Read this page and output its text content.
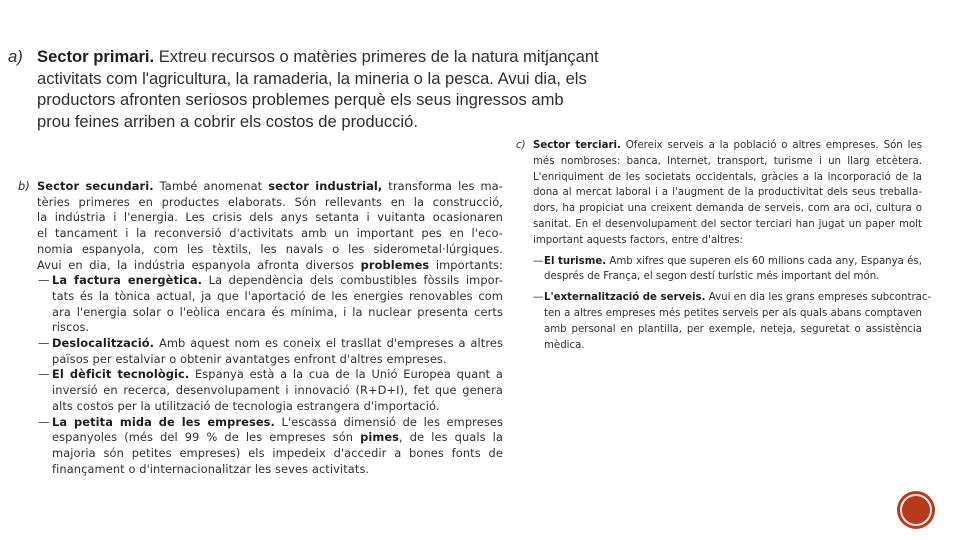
a) Sector primari. Extreu recursos o matèries primeres de la natura mitjançant
activitats com l'agricultura, la ramaderia, la mineria o la pesca. Avui dia, els
productors afronten seriosos problemes perquè els seus ingressos amb
prou feines arriben a cobrir els costos de producció.
b) Sector secundari. També anomenat sector industrial, transforma les ma-
tèries primeres en productes elaborats. Són rellevants en la construcció,
la indústria i l'energia. Les crisis dels anys setanta i vuitanta ocasionaren
el tancament i la reconversió d'activitats amb un important pes en l'eco-
nomia espanyola, com les tèxtils, les navals o les siderometal·lúrgiques.
Avui en dia, la indústria espanyola afronta diversos problemes importants:
— La factura energètica. La dependència dels combustibles fòssils impor-
tats és la tònica actual, ja que l'aportació de les energies renovables com
ara l'energia solar o l'eòlica encara és mínima, i la nuclear presenta certs
riscos.
— Deslocalització. Amb aquest nom es coneix el trasllat d'empreses a altres
països per estalviar o obtenir avantatges enfront d'altres empreses.
— El dèficit tecnològic. Espanya està a la cua de la Unió Europea quant a
inversió en recerca, desenvolupament i innovació (R+D+I), fet que genera
alts costos per la utilització de tecnologia estrangera d'importació.
— La petita mida de les empreses. L'escassa dimensió de les empreses
espanyoles (més del 99 % de les empreses són pimes, de les quals la
majoria són petites empreses) els impedeix d'accedir a bones fonts de
finançament o d'internacionalitzar les seves activitats.
c) Sector terciari. Ofereix serveis a la població o altres empreses. Són les
més nombroses: banca, Internet, transport, turisme i un llarg etcètera.
L'enriquiment de les societats occidentals, gràcies a la incorporació de la
dona al mercat laboral i a l'augment de la productivitat dels seus treballa-
dors, ha propiciat una creixent demanda de serveis, com ara oci, cultura o
sanitat. En el desenvolupament del sector terciari han jugat un paper molt
important aquests factors, entre d'altres:
— El turisme. Amb xifres que superen els 60 milions cada any, Espanya és,
després de França, el segon destí turístic més important del món.
— L'externalització de serveis. Avui en dia les grans empreses subcontrac-
ten a altres empreses més petites serveis per als quals abans comptaven
amb personal en plantilla, per exemple, neteja, seguretat o assistència
mèdica.
